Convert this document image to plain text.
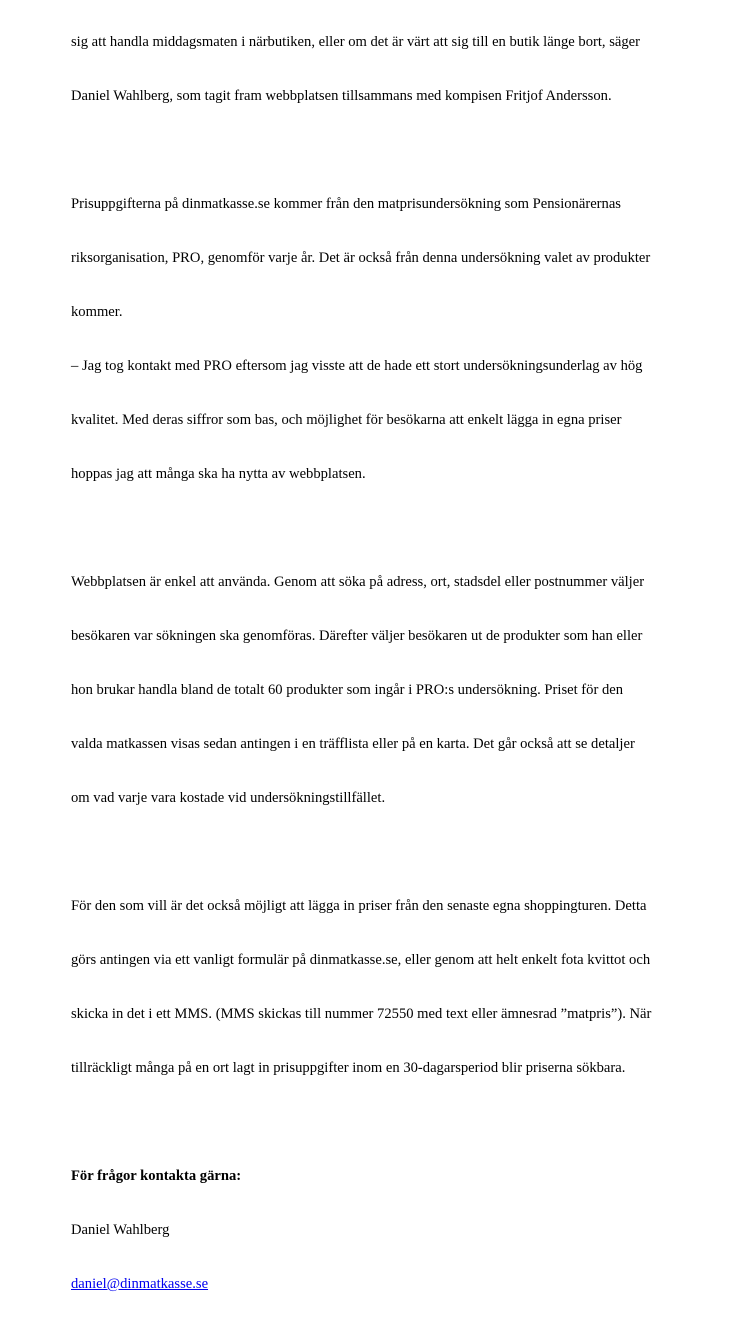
sig att handla middagsmaten i närbutiken, eller om det är värt att sig till en butik länge bort, säger

Daniel Wahlberg, som tagit fram webbplatsen tillsammans med kompisen Fritjof Andersson.

Prisuppgifterna på dinmatkasse.se kommer från den matprisundersökning som Pensionärernas

riksorganisation, PRO, genomför varje år. Det är också från denna undersökning valet av produkter

kommer.

– Jag tog kontakt med PRO eftersom jag visste att de hade ett stort undersökningsunderlag av hög

kvalitet. Med deras siffror som bas, och möjlighet för besökarna att enkelt lägga in egna priser

hoppas jag att många ska ha nytta av webbplatsen.

Webbplatsen är enkel att använda. Genom att söka på adress, ort, stadsdel eller postnummer väljer

besökaren var sökningen ska genomföras. Därefter väljer besökaren ut de produkter som han eller

hon brukar handla bland de totalt 60 produkter som ingår i PRO:s undersökning. Priset för den

valda matkassen visas sedan antingen i en träfflista eller på en karta. Det går också att se detaljer

om vad varje vara kostade vid undersökningstillfället.

För den som vill är det också möjligt att lägga in priser från den senaste egna shoppingturen. Detta

görs antingen via ett vanligt formulär på dinmatkasse.se, eller genom att helt enkelt fota kvittot och

skicka in det i ett MMS. (MMS skickas till nummer 72550 med text eller ämnesrad ”matpris”). När

tillräckligt många på en ort lagt in prisuppgifter inom en 30-dagarsperiod blir priserna sökbara.

För frågor kontakta gärna:

Daniel Wahlberg

daniel@dinmatkasse.se
